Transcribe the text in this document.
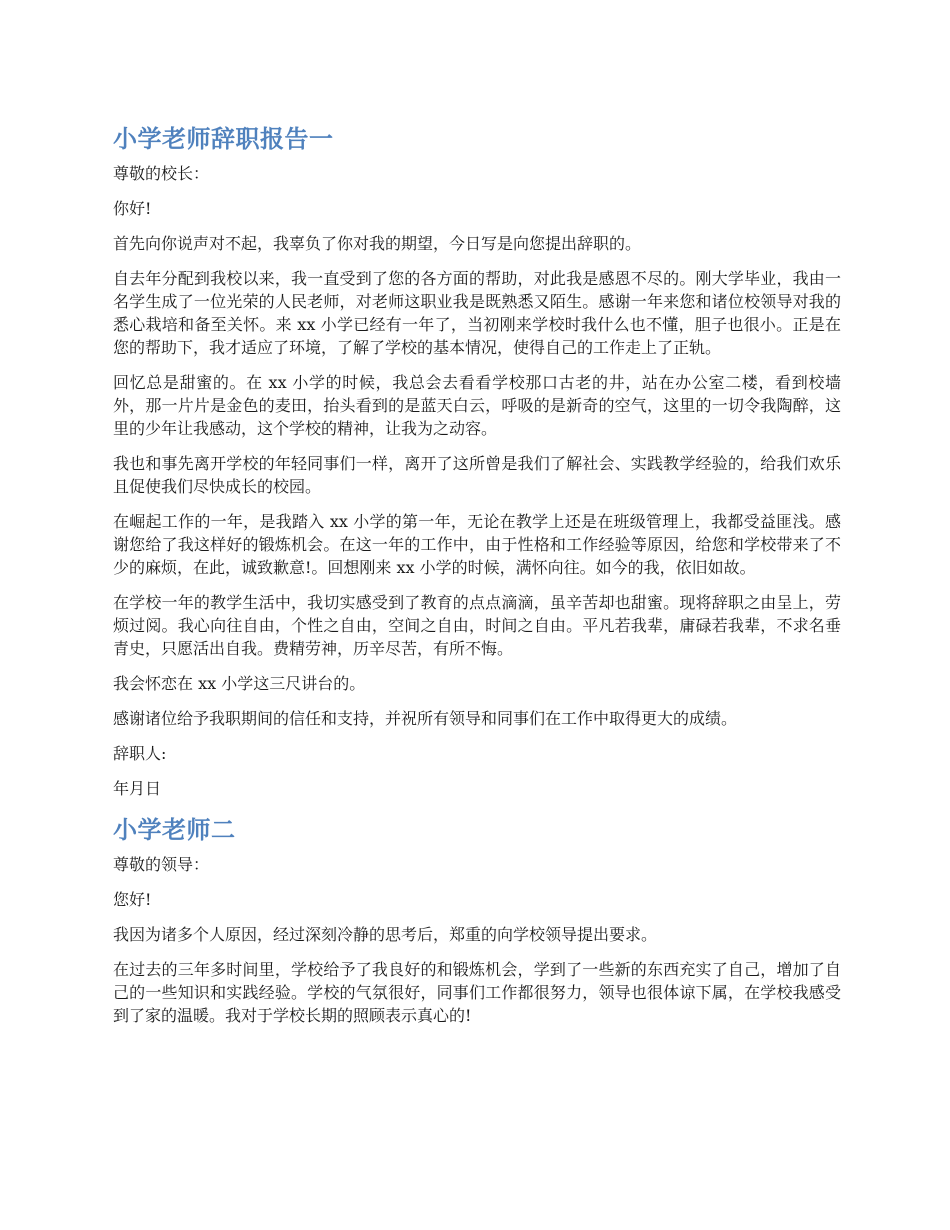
小学老师辞职报告一

尊敬的校长：

你好!

首先向你说声对不起，我辜负了你对我的期望，今日写是向您提出辞职的。

自去年分配到我校以来，我一直受到了您的各方面的帮助，对此我是感恩不尽的。刚大学毕业，我由一名学生成了一位光荣的人民老师，对老师这职业我是既熟悉又陌生。感谢一年来您和诸位校领导对我的悉心栽培和备至关怀。来 xx 小学已经有一年了，当初刚来学校时我什么也不懂，胆子也很小。正是在您的帮助下，我才适应了环境，了解了学校的基本情况，使得自己的工作走上了正轨。

回忆总是甜蜜的。在 xx 小学的时候，我总会去看看学校那口古老的井，站在办公室二楼，看到校墙外，那一片片是金色的麦田，抬头看到的是蓝天白云，呼吸的是新奇的空气，这里的一切令我陶醉，这里的少年让我感动，这个学校的精神，让我为之动容。

我也和事先离开学校的年轻同事们一样，离开了这所曾是我们了解社会、实践教学经验的，给我们欢乐且促使我们尽快成长的校园。

在崛起工作的一年，是我踏入 xx 小学的第一年，无论在教学上还是在班级管理上，我都受益匪浅。感谢您给了我这样好的锻炼机会。在这一年的工作中，由于性格和工作经验等原因，给您和学校带来了不少的麻烦，在此，诚致歉意!。回想刚来 xx 小学的时候，满怀向往。如今的我，依旧如故。

在学校一年的教学生活中，我切实感受到了教育的点点滴滴，虽辛苦却也甜蜜。现将辞职之由呈上，劳烦过阅。我心向往自由，个性之自由，空间之自由，时间之自由。平凡若我辈，庸碌若我辈，不求名垂青史，只愿活出自我。费精劳神，历辛尽苦，有所不悔。

我会怀恋在 xx 小学这三尺讲台的。

感谢诸位给予我职期间的信任和支持，并祝所有领导和同事们在工作中取得更大的成绩。

辞职人:

年月日

小学老师二

尊敬的领导：

您好!

我因为诸多个人原因，经过深刻冷静的思考后，郑重的向学校领导提出要求。

在过去的三年多时间里，学校给予了我良好的和锻炼机会，学到了一些新的东西充实了自己，增加了自己的一些知识和实践经验。学校的气氛很好，同事们工作都很努力，领导也很体谅下属，在学校我感受到了家的温暖。我对于学校长期的照顾表示真心的!
